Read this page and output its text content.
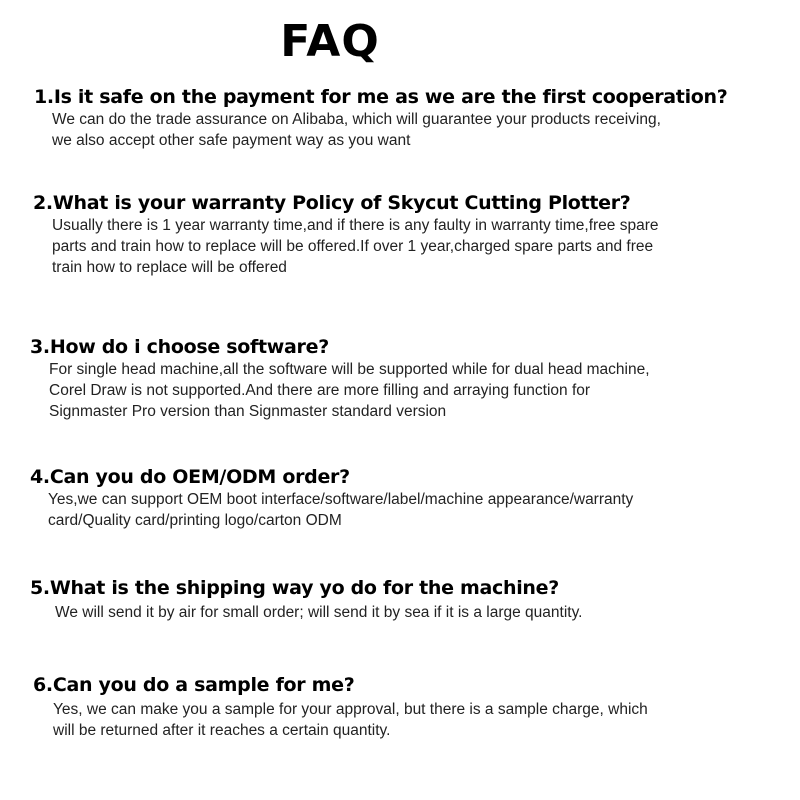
FAQ
1.Is it safe on the payment for me as we are the first cooperation?
We can do the trade assurance on Alibaba, which will guarantee your products receiving,
we also accept other safe payment way as you want
2.What is your warranty Policy of Skycut Cutting Plotter?
Usually there is 1 year warranty time,and if there is any faulty in warranty time,free spare
parts and train how to replace will be offered.If over 1 year,charged spare parts and free
train how to replace will be offered
3.How do i choose software?
For single head machine,all the software will be supported while for dual head machine,
Corel Draw is not supported.And there are more filling and arraying function for
Signmaster Pro version than Signmaster standard version
4.Can you do OEM/ODM order?
Yes,we can support OEM boot interface/software/label/machine appearance/warranty
card/Quality card/printing logo/carton ODM
5.What is the shipping way yo do for the machine?
We will send it by air for small order; will send it by sea if it is a large quantity.
6.Can you do a sample for me?
Yes, we can make you a sample for your approval, but there is a sample charge, which
will be returned after it reaches a certain quantity.
